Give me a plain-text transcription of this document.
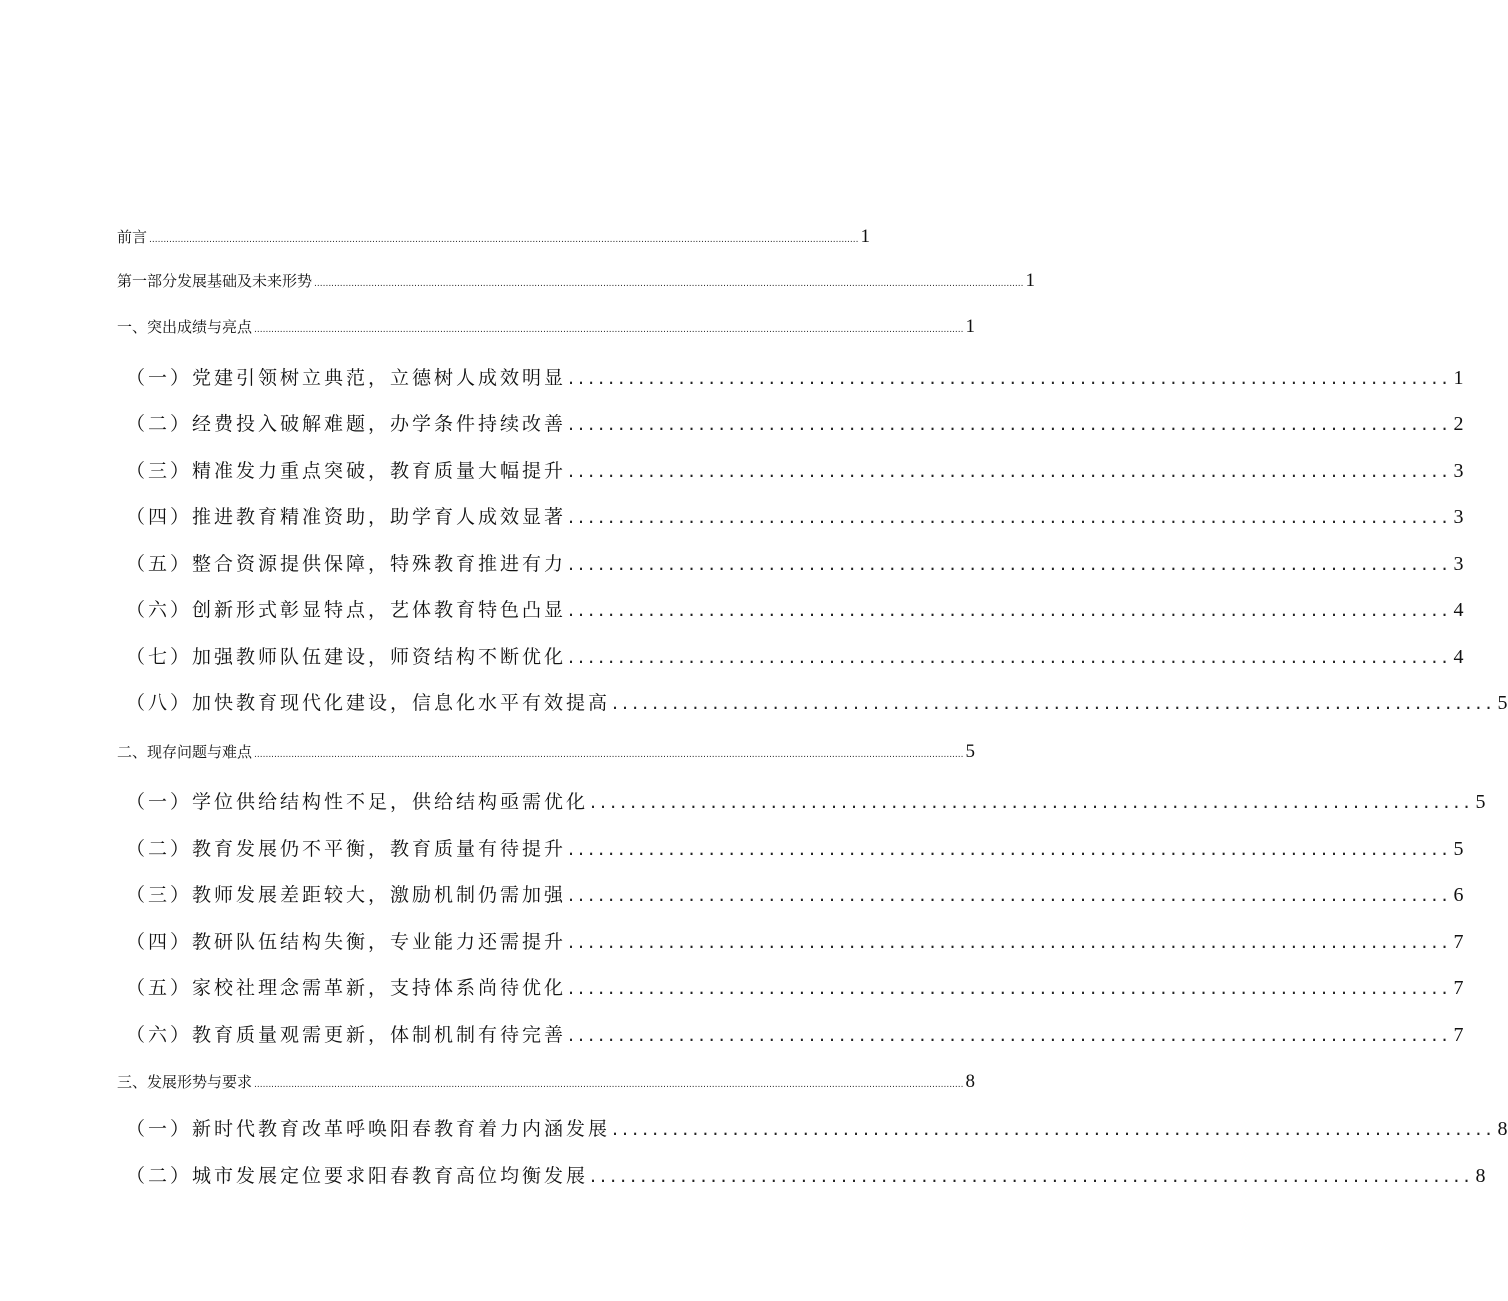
前言 ........................................................................................................................................................................................................................................................ 1
第一部分发展基础及未来形势 ........................................................................................................................................................................................................................................................ 1
一、突出成绩与亮点 ........................................................................................................................................................................................................................................................ 1
（一）党建引领树立典范，立德树人成效明显 ........................................................................................ 1
（二）经费投入破解难题，办学条件持续改善 ........................................................................................ 2
（三）精准发力重点突破，教育质量大幅提升 ........................................................................................ 3
（四）推进教育精准资助，助学育人成效显著 ........................................................................................ 3
（五）整合资源提供保障，特殊教育推进有力 ........................................................................................ 3
（六）创新形式彰显特点，艺体教育特色凸显 ........................................................................................ 4
（七）加强教师队伍建设，师资结构不断优化 ........................................................................................ 4
（八）加快教育现代化建设，信息化水平有效提高 ........................................................................................ 5
二、现存问题与难点 ........................................................................................................................................................................................................................................................ 5
（一）学位供给结构性不足，供给结构亟需优化 ........................................................................................ 5
（二）教育发展仍不平衡，教育质量有待提升 ........................................................................................ 5
（三）教师发展差距较大，激励机制仍需加强 ........................................................................................ 6
（四）教研队伍结构失衡，专业能力还需提升 ........................................................................................ 7
（五）家校社理念需革新，支持体系尚待优化 ........................................................................................ 7
（六）教育质量观需更新，体制机制有待完善 ........................................................................................ 7
三、发展形势与要求 ........................................................................................................................................................................................................................................................ 8
（一）新时代教育改革呼唤阳春教育着力内涵发展 ........................................................................................ 8
（二）城市发展定位要求阳春教育高位均衡发展 ........................................................................................ 8
